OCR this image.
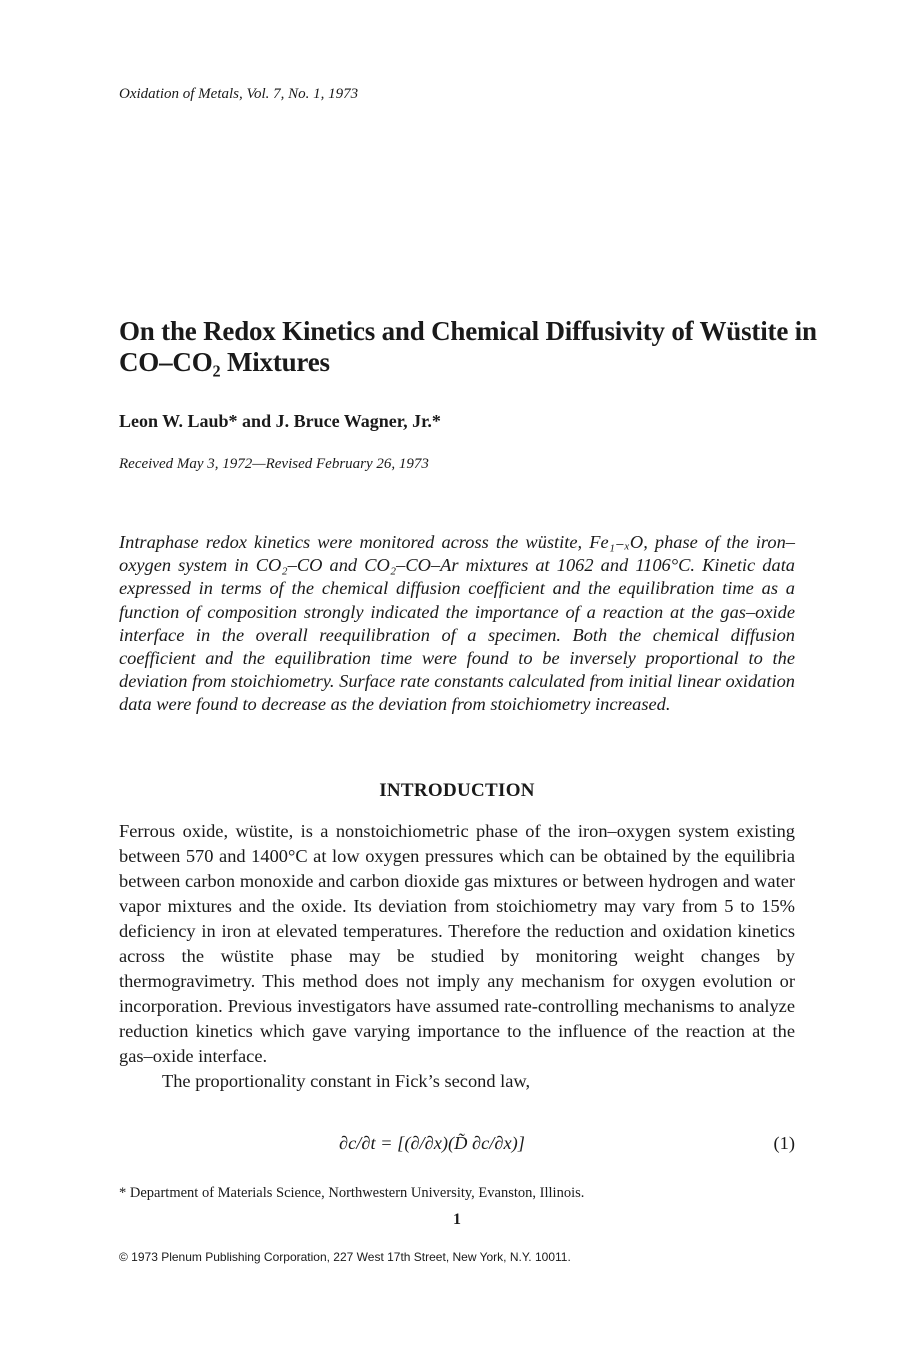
Oxidation of Metals, Vol. 7, No. 1, 1973
On the Redox Kinetics and Chemical Diffusivity of Wüstite in CO–CO₂ Mixtures
Leon W. Laub* and J. Bruce Wagner, Jr.*
Received May 3, 1972—Revised February 26, 1973

Intraphase redox kinetics were monitored across the wüstite, Fe₁₋ₓO, phase of the iron–oxygen system in CO₂–CO and CO₂–CO–Ar mixtures at 1062 and 1106°C. Kinetic data expressed in terms of the chemical diffusion coefficient and the equilibration time as a function of composition strongly indicated the importance of a reaction at the gas–oxide interface in the overall reequilibration of a specimen. Both the chemical diffusion coefficient and the equilibration time were found to be inversely proportional to the deviation from stoichiometry. Surface rate constants calculated from initial linear oxidation data were found to decrease as the deviation from stoichiometry increased.

INTRODUCTION

Ferrous oxide, wüstite, is a nonstoichiometric phase of the iron–oxygen system existing between 570 and 1400°C at low oxygen pressures which can be obtained by the equilibria between carbon monoxide and carbon dioxide gas mixtures or between hydrogen and water vapor mixtures and the oxide. Its deviation from stoichiometry may vary from 5 to 15% deficiency in iron at elevated temperatures. Therefore the reduction and oxidation kinetics across the wüstite phase may be studied by monitoring weight changes by thermogravimetry. This method does not imply any mechanism for oxygen evolution or incorporation. Previous investigators have assumed rate-controlling mechanisms to analyze reduction kinetics which gave varying importance to the influence of the reaction at the gas–oxide interface.

The proportionality constant in Fick’s second law,

∂c/∂t = [(∂/∂x)(D̃ ∂c/∂x)]	(1)
* Department of Materials Science, Northwestern University, Evanston, Illinois.
1
© 1973 Plenum Publishing Corporation, 227 West 17th Street, New York, N.Y. 10011.
